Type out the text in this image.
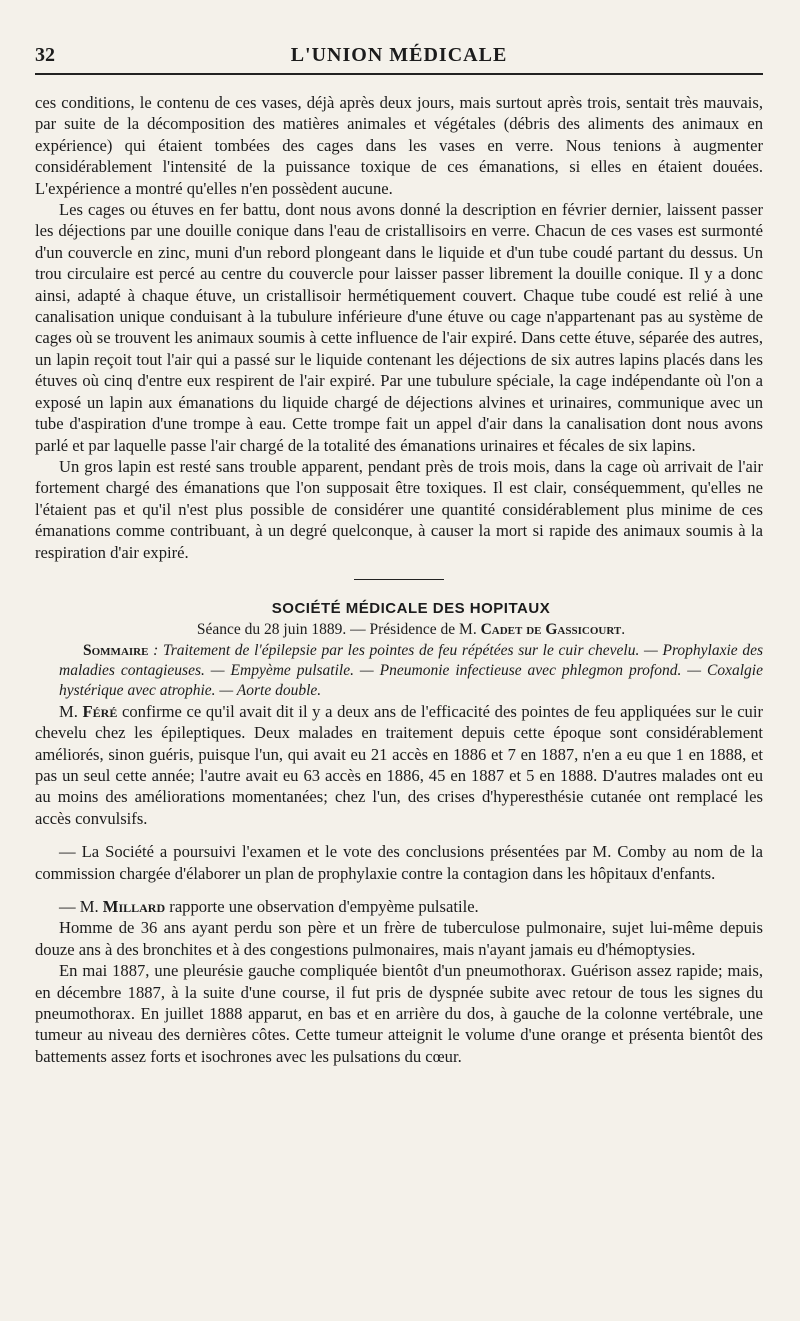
32	L'UNION MÉDICALE

ces conditions, le contenu de ces vases, déjà après deux jours, mais surtout après trois, sentait très mauvais, par suite de la décomposition des matières animales et végétales (débris des aliments des animaux en expérience) qui étaient tombées des cages dans les vases en verre. Nous tenions à augmenter considérablement l'intensité de la puissance toxique de ces émanations, si elles en étaient douées. L'expérience a montré qu'elles n'en possèdent aucune.

Les cages ou étuves en fer battu, dont nous avons donné la description en février dernier, laissent passer les déjections par une douille conique dans l'eau de cristallisoirs en verre. Chacun de ces vases est surmonté d'un couvercle en zinc, muni d'un rebord plongeant dans le liquide et d'un tube coudé partant du dessus. Un trou circulaire est percé au centre du couvercle pour laisser passer librement la douille conique. Il y a donc ainsi, adapté à chaque étuve, un cristallisoir hermétiquement couvert. Chaque tube coudé est relié à une canalisation unique conduisant à la tubulure inférieure d'une étuve ou cage n'appartenant pas au système de cages où se trouvent les animaux soumis à cette influence de l'air expiré. Dans cette étuve, séparée des autres, un lapin reçoit tout l'air qui a passé sur le liquide contenant les déjections de six autres lapins placés dans les étuves où cinq d'entre eux respirent de l'air expiré. Par une tubulure spéciale, la cage indépendante où l'on a exposé un lapin aux émanations du liquide chargé de déjections alvines et urinaires, communique avec un tube d'aspiration d'une trompe à eau. Cette trompe fait un appel d'air dans la canalisation dont nous avons parlé et par laquelle passe l'air chargé de la totalité des émanations urinaires et fécales de six lapins.

Un gros lapin est resté sans trouble apparent, pendant près de trois mois, dans la cage où arrivait de l'air fortement chargé des émanations que l'on supposait être toxiques. Il est clair, conséquemment, qu'elles ne l'étaient pas et qu'il n'est plus possible de considérer une quantité considérablement plus minime de ces émanations comme contribuant, à un degré quelconque, à causer la mort si rapide des animaux soumis à la respiration d'air expiré.

SOCIÉTÉ MÉDICALE DES HOPITAUX

Séance du 28 juin 1889. — Présidence de M. Cadet de Gassicourt.

Sommaire : Traitement de l'épilepsie par les pointes de feu répétées sur le cuir chevelu. — Prophylaxie des maladies contagieuses. — Empyème pulsatile. — Pneumonie infectieuse avec phlegmon profond. — Coxalgie hystérique avec atrophie. — Aorte double.

M. Féré confirme ce qu'il avait dit il y a deux ans de l'efficacité des pointes de feu appliquées sur le cuir chevelu chez les épileptiques. Deux malades en traitement depuis cette époque sont considérablement améliorés, sinon guéris, puisque l'un, qui avait eu 21 accès en 1886 et 7 en 1887, n'en a eu que 1 en 1888, et pas un seul cette année; l'autre avait eu 63 accès en 1886, 45 en 1887 et 5 en 1888. D'autres malades ont eu au moins des améliorations momentanées; chez l'un, des crises d'hyperesthésie cutanée ont remplacé les accès convulsifs.

— La Société a poursuivi l'examen et le vote des conclusions présentées par M. Comby au nom de la commission chargée d'élaborer un plan de prophylaxie contre la contagion dans les hôpitaux d'enfants.

— M. Millard rapporte une observation d'empyème pulsatile.

Homme de 36 ans ayant perdu son père et un frère de tuberculose pulmonaire, sujet lui-même depuis douze ans à des bronchites et à des congestions pulmonaires, mais n'ayant jamais eu d'hémoptysies.

En mai 1887, une pleurésie gauche compliquée bientôt d'un pneumothorax. Guérison assez rapide; mais, en décembre 1887, à la suite d'une course, il fut pris de dyspnée subite avec retour de tous les signes du pneumothorax. En juillet 1888 apparut, en bas et en arrière du dos, à gauche de la colonne vertébrale, une tumeur au niveau des dernières côtes. Cette tumeur atteignit le volume d'une orange et présenta bientôt des battements assez forts et isochrones avec les pulsations du cœur.
